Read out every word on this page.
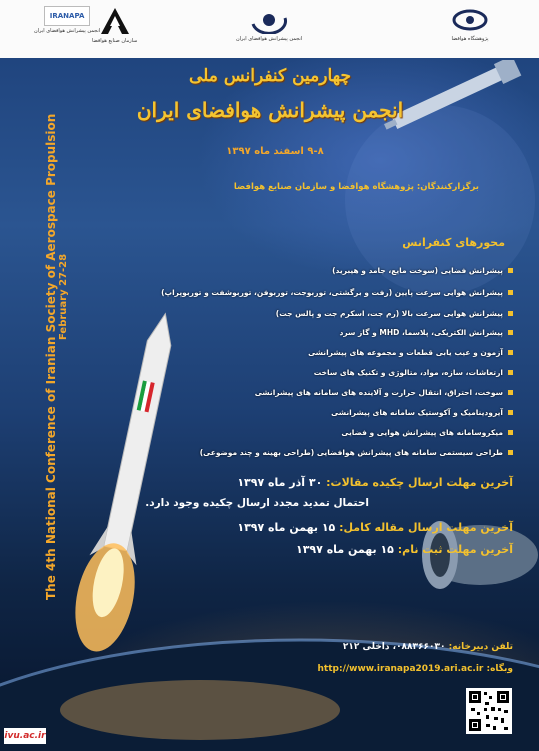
IRANAPA
انجمن پیشرانش هوافضای ایران
سازمان صنایع هوافضا	انجمن پیشرانش هوافضای ایران	پژوهشگاه هوافضا
The 4th National Conference of Iranian Society of Aerospace Propulsion February 27-28
چهارمین کنفرانس ملی
انجمن پیشرانش هوافضای ایران
۹-۸ اسفند ماه ۱۳۹۷
برگزارکنندگان: پژوهشگاه هوافضا و سازمان صنایع هوافضا
محورهای کنفرانس
پیشرانش فضایی (سوخت مایع، جامد و هیبرید)
پیشرانش هوایی سرعت پایین (رفت و برگشتی، توربوجت، توربوفن، توربوشفت و توربوپراپ)
پیشرانش هوایی سرعت بالا (رم جت، اسکرم جت و پالس جت)
پیشرانش الکتریکی، پلاسما، MHD و گاز سرد
آزمون و عیب یابی قطعات و مجموعه های پیشرانشی
ارتعاشات، سازه، مواد، متالوژی و تکنیک های ساخت
سوخت، احتراق، انتقال حرارت و آلاینده های سامانه های پیشرانشی
آیرودینامیک و آکوستیک سامانه های پیشرانشی
میکروسامانه های پیشرانش هوایی و فضایی
طراحی سیستمی سامانه های پیشرانش هوافضایی (طراحی بهینه و چند موضوعی)
آخرین مهلت ارسال چکیده مقالات: ۳۰ آذر ماه ۱۳۹۷
احتمال تمدید مجدد ارسال چکیده وجود دارد.
آخرین مهلت ارسال مقاله کامل: ۱۵ بهمن ماه ۱۳۹۷
آخرین مهلت ثبت نام: ۱۵ بهمن ماه ۱۳۹۷
تلفن دبیرخانه: ۰۸۸۳۶۶۰۳۰، داخلی ۲۱۲
وبگاه: http://www.iranapa2019.ari.ac.ir
ivu.ac.ir
